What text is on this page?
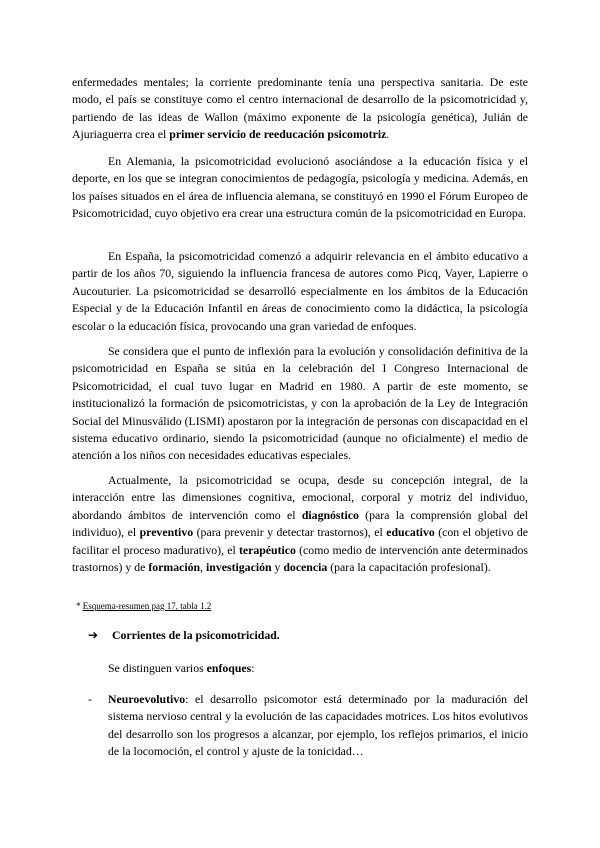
enfermedades mentales; la corriente predominante tenía una perspectiva sanitaria. De este modo, el país se constituye como el centro internacional de desarrollo de la psicomotricidad y, partiendo de las ideas de Wallon (máximo exponente de la psicología genética), Julián de Ajuriaguerra crea el primer servicio de reeducación psicomotriz.

En Alemania, la psicomotricidad evolucionó asociándose a la educación física y el deporte, en los que se integran conocimientos de pedagogía, psicología y medicina. Además, en los países situados en el área de influencia alemana, se constituyó en 1990 el Fórum Europeo de Psicomotricidad, cuyo objetivo era crear una estructura común de la psicomotricidad en Europa.

En España, la psicomotricidad comenzó a adquirir relevancia en el ámbito educativo a partir de los años 70, siguiendo la influencia francesa de autores como Picq, Vayer, Lapierre o Aucouturier. La psicomotricidad se desarrolló especialmente en los ámbitos de la Educación Especial y de la Educación Infantil en áreas de conocimiento como la didáctica, la psicología escolar o la educación física, provocando una gran variedad de enfoques.

Se considera que el punto de inflexión para la evolución y consolidación definitiva de la psicomotricidad en España se sitúa en la celebración del I Congreso Internacional de Psicomotricidad, el cual tuvo lugar en Madrid en 1980. A partir de este momento, se institucionalizó la formación de psicomotricistas, y con la aprobación de la Ley de Integración Social del Minusválido (LISMI) apostaron por la integración de personas con discapacidad en el sistema educativo ordinario, siendo la psicomotricidad (aunque no oficialmente) el medio de atención a los niños con necesidades educativas especiales.

Actualmente, la psicomotricidad se ocupa, desde su concepción integral, de la interacción entre las dimensiones cognitiva, emocional, corporal y motriz del individuo, abordando ámbitos de intervención como el diagnóstico (para la comprensión global del individuo), el preventivo (para prevenir y detectar trastornos), el educativo (con el objetivo de facilitar el proceso madurativo), el terapéutico (como medio de intervención ante determinados trastornos) y de formación, investigación y docencia (para la capacitación profesional).

* Esquema-resumen pag 17, tabla 1.2

➔	Corrientes de la psicomotricidad.

Se distinguen varios enfoques:

-	Neuroevolutivo: el desarrollo psicomotor está determinado por la maduración del sistema nervioso central y la evolución de las capacidades motrices. Los hitos evolutivos del desarrollo son los progresos a alcanzar, por ejemplo, los reflejos primarios, el inicio de la locomoción, el control y ajuste de la tonicidad…
